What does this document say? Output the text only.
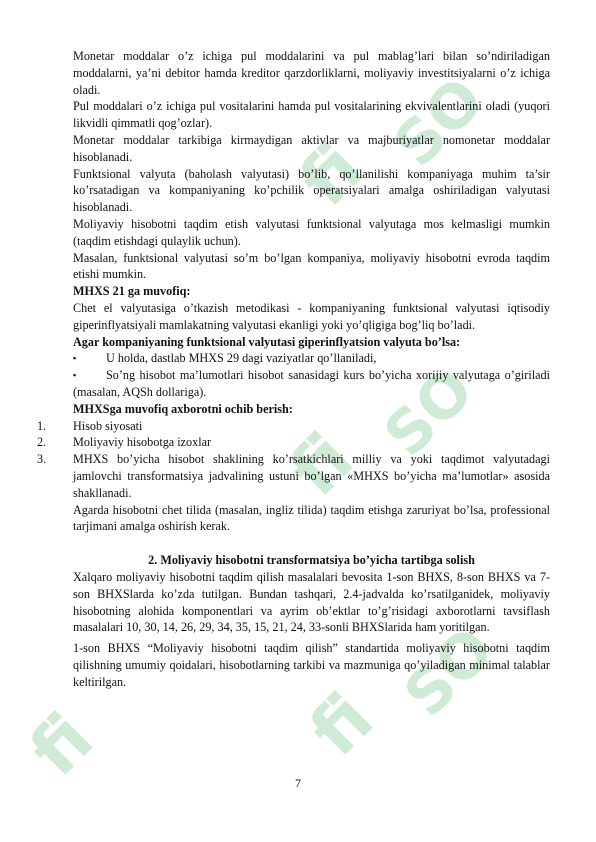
fi SO
fi SO
fi	fi SO

Monetar moddalar o’z ichiga pul moddalarini va pul mablag’lari bilan so’ndiriladigan moddalarni, ya’ni debitor hamda kreditor qarzdorliklarni, moliyaviy investitsiyalarni o’z ichiga oladi.

Pul moddalari o’z ichiga pul vositalarini hamda pul vositalarining ekvivalentlarini oladi (yuqori likvidli qimmatli qog’ozlar).

Monetar moddalar tarkibiga kirmaydigan aktivlar va majburiyatlar nomonetar moddalar hisoblanadi.

Funktsional valyuta (baholash valyutasi) bo’lib, qo’llanilishi kompaniyaga muhim ta’sir ko’rsatadigan va kompaniyaning ko’pchilik operatsiyalari amalga oshiriladigan valyutasi hisoblanadi.

Moliyaviy hisobotni taqdim etish valyutasi funktsional valyutaga mos kelmasligi mumkin (taqdim etishdagi qulaylik uchun).

Masalan, funktsional valyutasi so’m bo’lgan kompaniya, moliyaviy hisobotni evroda taqdim etishi mumkin.

MHXS 21 ga muvofiq:

Chet el valyutasiga o’tkazish metodikasi - kompaniyaning funktsional valyutasi iqtisodiy giperinflyatsiyali mamlakatning valyutasi ekanligi yoki yo’qligiga bog’liq bo’ladi.

Agar kompaniyaning funktsional valyutasi giperinflyatsion valyuta bo’lsa:

▪ U holda, dastlab MHXS 29 dagi vaziyatlar qo’llaniladi,

▪ So’ng hisobot ma’lumotlari hisobot sanasidagi kurs bo’yicha xorijiy valyutaga o’giriladi (masalan, AQSh dollariga).

MHXSga muvofiq axborotni ochib berish:

1.	Hisob siyosati

2.	Moliyaviy hisobotga izoxlar

3.	MHXS bo’yicha hisobot shaklining ko’rsatkichlari milliy va yoki taqdimot valyutadagi jamlovchi transformatsiya jadvalining ustuni bo’lgan «MHXS bo’yicha ma’lumotlar» asosida shakllanadi.

Agarda hisobotni chet tilida (masalan, ingliz tilida) taqdim etishga zaruriyat bo’lsa, professional tarjimani amalga oshirish kerak.

2. Moliyaviy hisobotni transformatsiya bo’yicha tartibga solish

Xalqaro moliyaviy hisobotni taqdim qilish masalalari bevosita 1-son BHXS, 8-son BHXS va 7-son BHXSlarda ko’zda tutilgan. Bundan tashqari, 2.4-jadvalda ko’rsatilganidek, moliyaviy hisobotning alohida komponentlari va ayrim ob’ektlar to’g’risidagi axborotlarni tavsiflash masalalari 10, 30, 14, 26, 29, 34, 35, 15, 21, 24, 33-sonli BHXSlarida ham yoritilgan.

1-son BHXS “Moliyaviy hisobotni taqdim qilish” standartida moliyaviy hisobotni taqdim qilishning umumiy qoidalari, hisobotlarning tarkibi va mazmuniga qo’yiladigan minimal talablar keltirilgan.

7
